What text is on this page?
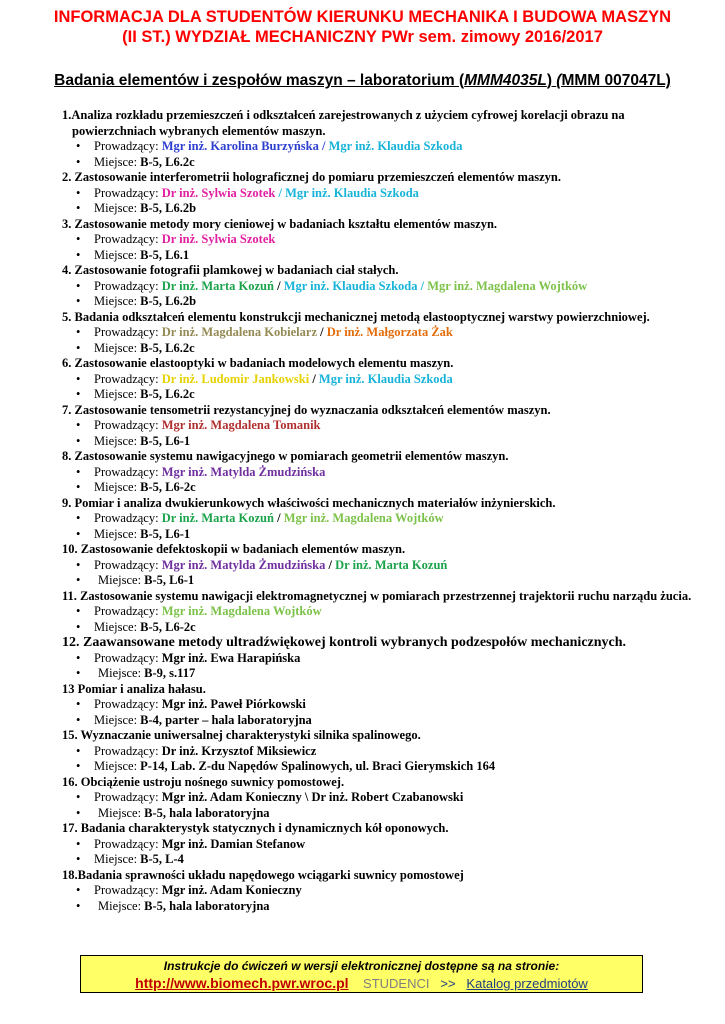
INFORMACJA DLA STUDENTÓW KIERUNKU MECHANIKA I BUDOWA MASZYN
(II ST.) WYDZIAŁ MECHANICZNY PWr sem. zimowy 2016/2017
Badania elementów i zespołów maszyn – laboratorium (MMM4035L) (MMM 007047L)
1.Analiza rozkładu przemieszczeń i odkształceń zarejestrowanych z użyciem cyfrowej korelacji obrazu na powierzchniach wybranych elementów maszyn.
• Prowadzący: Mgr inż. Karolina Burzyńska / Mgr inż. Klaudia Szkoda
• Miejsce: B-5, L6.2c
2. Zastosowanie interferometrii holograficznej do pomiaru przemieszczeń elementów maszyn.
• Prowadzący: Dr inż. Sylwia Szotek / Mgr inż. Klaudia Szkoda
• Miejsce: B-5, L6.2b
3. Zastosowanie metody mory cieniowej w badaniach kształtu elementów maszyn.
• Prowadzący: Dr inż. Sylwia Szotek
• Miejsce: B-5, L6.1
4. Zastosowanie fotografii plamkowej w badaniach ciał stałych.
• Prowadzący: Dr inż. Marta Kozuń / Mgr inż. Klaudia Szkoda / Mgr inż. Magdalena Wojtków
• Miejsce: B-5, L6.2b
5. Badania odkształceń elementu konstrukcji mechanicznej metodą elastooptycznej warstwy powierzchniowej.
• Prowadzący: Dr inż. Magdalena Kobielarz / Dr inż. Małgorzata Żak
• Miejsce: B-5, L6.2c
6. Zastosowanie elastooptyki w badaniach modelowych elementu maszyn.
• Prowadzący: Dr inż. Ludomir Jankowski / Mgr inż. Klaudia Szkoda
• Miejsce: B-5, L6.2c
7. Zastosowanie tensometrii rezystancyjnej do wyznaczania odkształceń elementów maszyn.
• Prowadzący: Mgr inż. Magdalena Tomanik
• Miejsce: B-5, L6-1
8. Zastosowanie systemu nawigacyjnego w pomiarach geometrii elementów maszyn.
• Prowadzący: Mgr inż. Matylda Żmudzińska
• Miejsce: B-5, L6-2c
9. Pomiar i analiza dwukierunkowych właściwości mechanicznych materiałów inżynierskich.
• Prowadzący: Dr inż. Marta Kozuń / Mgr inż. Magdalena Wojtków
• Miejsce: B-5, L6-1
10. Zastosowanie defektoskopii w badaniach elementów maszyn.
• Prowadzący: Mgr inż. Matylda Żmudzińska / Dr inż. Marta Kozuń
• Miejsce: B-5, L6-1
11. Zastosowanie systemu nawigacji elektromagnetycznej w pomiarach przestrzennej trajektorii ruchu narządu żucia.
• Prowadzący: Mgr inż. Magdalena Wojtków
• Miejsce: B-5, L6-2c
12. Zaawansowane metody ultradźwiękowej kontroli wybranych podzespołów mechanicznych.
• Prowadzący: Mgr inż. Ewa Harapińska
• Miejsce: B-9, s.117
13 Pomiar i analiza hałasu.
• Prowadzący: Mgr inż. Paweł Piórkowski
• Miejsce: B-4, parter – hala laboratoryjna
15. Wyznaczanie uniwersalnej charakterystyki silnika spalinowego.
• Prowadzący: Dr inż. Krzysztof Miksiewicz
• Miejsce: P-14, Lab. Z-du Napędów Spalinowych, ul. Braci Gierymskich 164
16. Obciążenie ustroju nośnego suwnicy pomostowej.
• Prowadzący: Mgr inż. Adam Konieczny \ Dr inż. Robert Czabanowski
• Miejsce: B-5, hala laboratoryjna
17. Badania charakterystyk statycznych i dynamicznych kół oponowych.
• Prowadzący: Mgr inż. Damian Stefanow
• Miejsce: B-5, L-4
18.Badania sprawności układu napędowego wciągarki suwnicy pomostowej
• Prowadzący: Mgr inż. Adam Konieczny
• Miejsce: B-5, hala laboratoryjna
Instrukcje do ćwiczeń w wersji elektronicznej dostępne są na stronie:
http://www.biomech.pwr.wroc.pl STUDENCI >> Katalog przedmiotów
